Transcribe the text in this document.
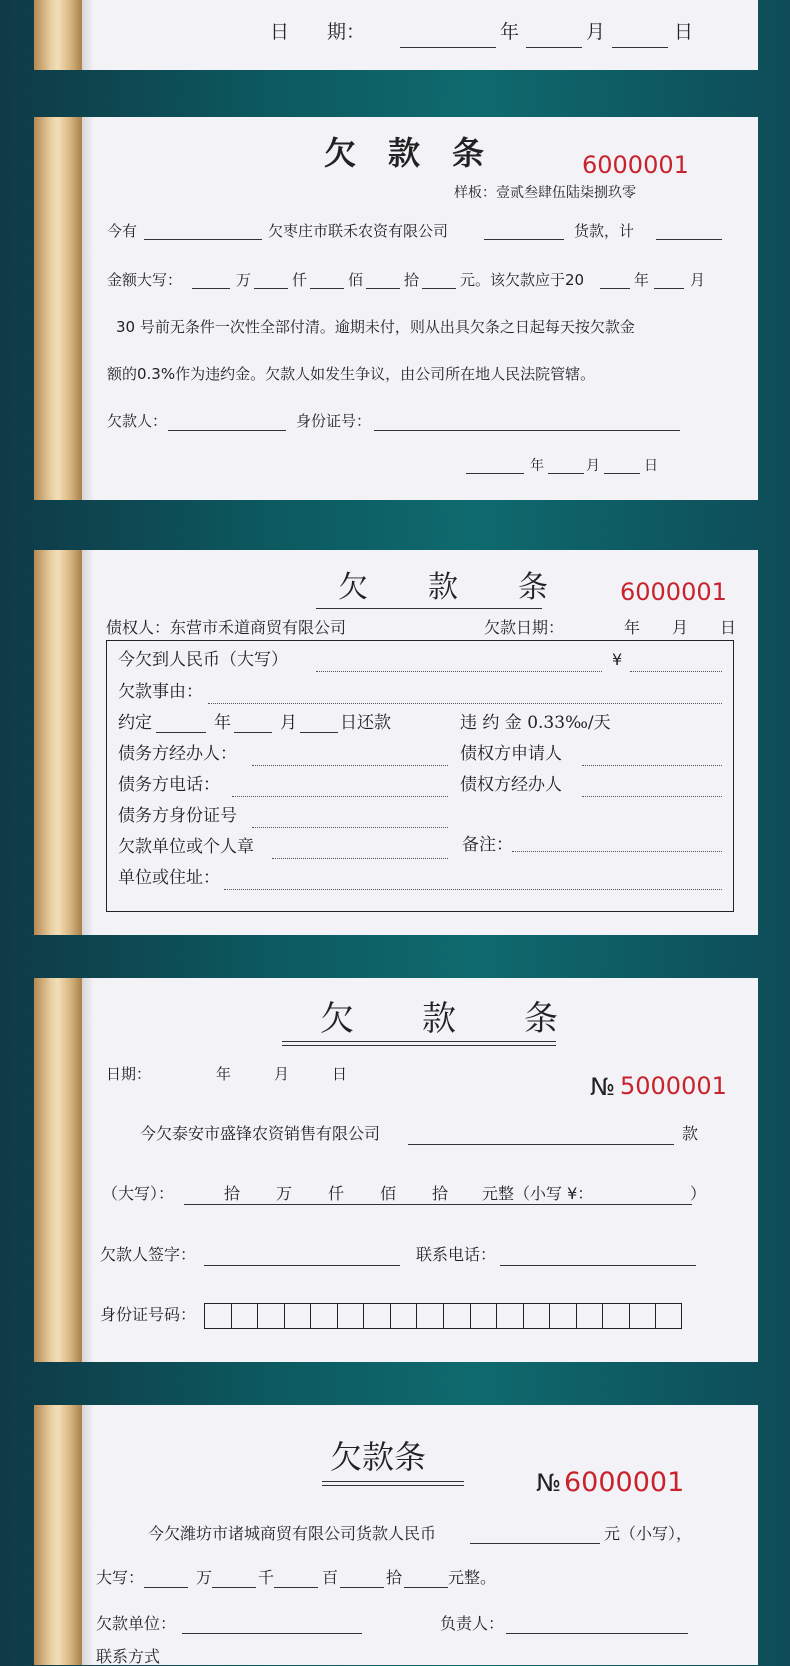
日　　期：	年	月	日
欠　款　条	6000001
样板：壹贰叁肆伍陆柒捌玖零
今有	欠枣庄市联禾农资有限公司	货款，计
金额大写：	万	仟	佰	拾	元。该欠款应于20	年	月
30 号前无条件一次性全部付清。逾期未付，则从出具欠条之日起每天按欠款金
额的0.3%作为违约金。欠款人如发生争议，由公司所在地人民法院管辖。
欠款人：	身份证号：
年	月	日
欠　　款　　条	6000001
债权人：东营市禾道商贸有限公司	欠款日期：	年 月 日
今欠到人民币（大写）	¥
欠款事由：
约定	年	月	日还款	违 约 金 0.33‰/天
债务方经办人：	债权方申请人
债务方电话：	债权方经办人
债务方身份证号
欠款单位或个人章	备注：
单位或住址：
欠　　款　　条
日期：	年	月	日	№ 5000001
今欠泰安市盛锋农资销售有限公司	款
（大写）：	拾 万 仟 佰 拾 元整（小写 ¥：	）
欠款人签字：	联系电话：
身份证号码：
欠款条
№ 6000001
今欠潍坊市诸城商贸有限公司货款人民币	元（小写），
大写：	万	千	百	拾	元整。
欠款单位：	负责人：
联系方式
